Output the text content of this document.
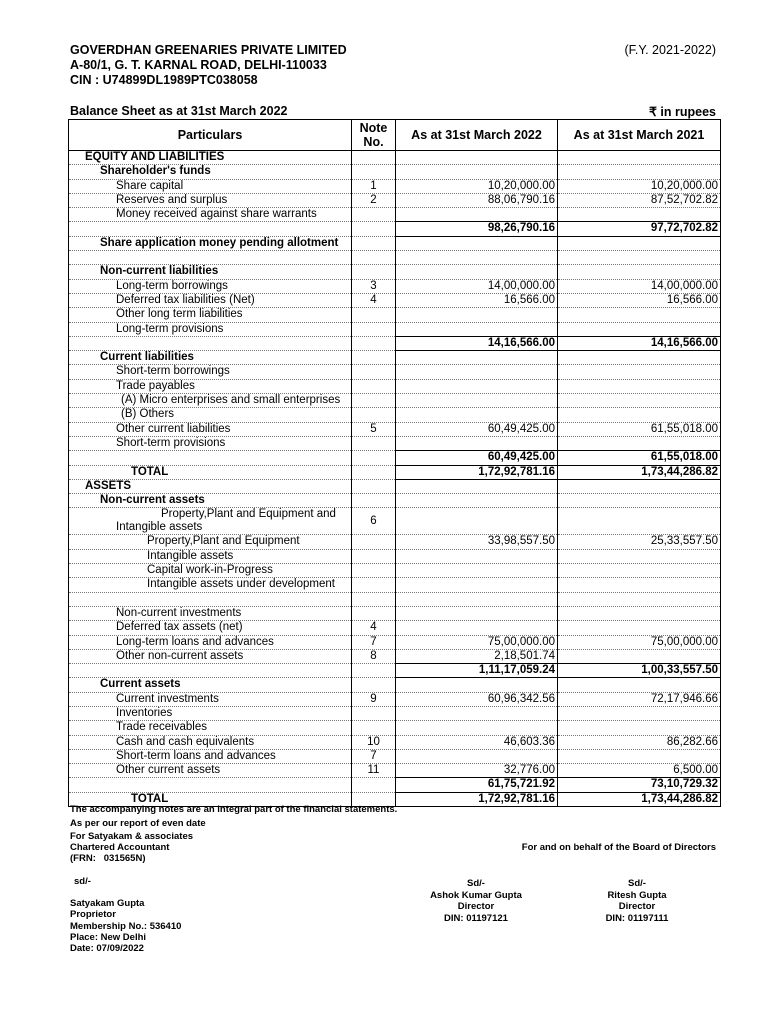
GOVERDHAN GREENARIES PRIVATE LIMITED
A-80/1, G. T. KARNAL ROAD, DELHI-110033
CIN : U74899DL1989PTC038058
(F.Y. 2021-2022)
Balance Sheet as at 31st March 2022	₹ in rupees
Particulars	Note No.	As at 31st March 2022	As at 31st March 2021
EQUITY AND LIABILITIES			
Shareholder's funds			
Share capital	1	10,20,000.00	10,20,000.00
Reserves and surplus	2	88,06,790.16	87,52,702.82
Money received against share warrants			
		98,26,790.16	97,72,702.82
Share application money pending allotment			

Non-current liabilities			
Long-term borrowings	3	14,00,000.00	14,00,000.00
Deferred tax liabilities (Net)	4	16,566.00	16,566.00
Other long term liabilities			
Long-term provisions			
		14,16,566.00	14,16,566.00
Current liabilities			
Short-term borrowings			
Trade payables			
(A) Micro enterprises and small enterprises			
(B) Others			
Other current liabilities	5	60,49,425.00	61,55,018.00
Short-term provisions			
		60,49,425.00	61,55,018.00
TOTAL		1,72,92,781.16	1,73,44,286.82
ASSETS			
Non-current assets			
Property,Plant and Equipment and Intangible assets	6		
Property,Plant and Equipment		33,98,557.50	25,33,557.50
Intangible assets			
Capital work-in-Progress			
Intangible assets under development			

Non-current investments			
Deferred tax assets (net)	4		
Long-term loans and advances	7	75,00,000.00	75,00,000.00
Other non-current assets	8	2,18,501.74	
		1,11,17,059.24	1,00,33,557.50
Current assets			
Current investments	9	60,96,342.56	72,17,946.66
Inventories			
Trade receivables			
Cash and cash equivalents	10	46,603.36	86,282.66
Short-term loans and advances	7		
Other current assets	11	32,776.00	6,500.00
		61,75,721.92	73,10,729.32
TOTAL		1,72,92,781.16	1,73,44,286.82
The accompanying notes are an integral part of the financial statements.
As per our report of even date
For Satyakam & associates
Chartered Accountant
(FRN:   031565N)
For and on behalf of the Board of Directors
sd/-
Satyakam Gupta
Proprietor
Membership No.: 536410
Place: New Delhi
Date: 07/09/2022
Sd/-
Ashok Kumar Gupta
Director
DIN: 01197121
Sd/-
Ritesh Gupta
Director
DIN: 01197111
